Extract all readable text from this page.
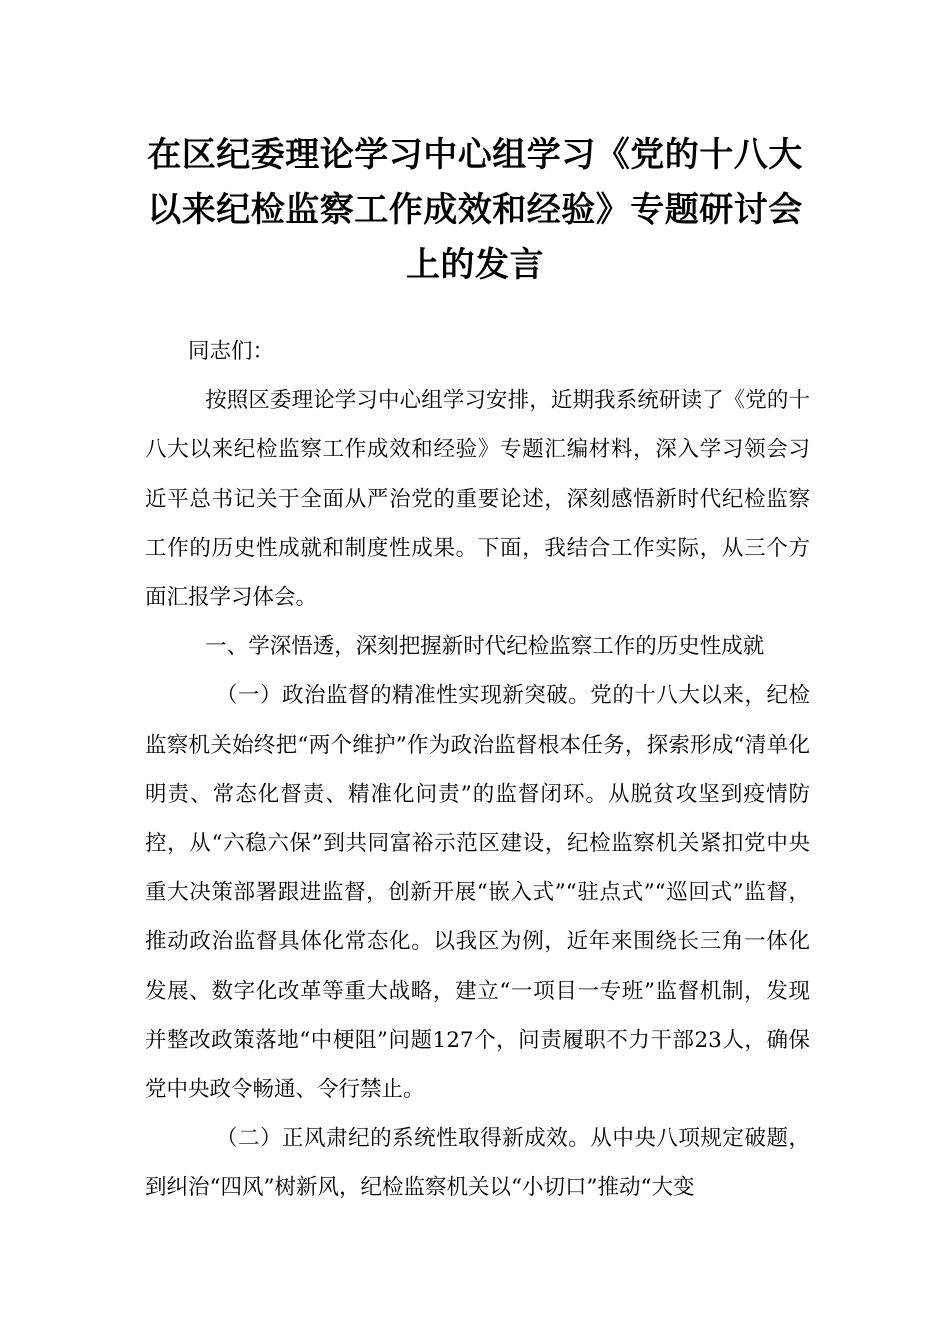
在区纪委理论学习中心组学习《党的十八大以来纪检监察工作成效和经验》专题研讨会上的发言

同志们：

按照区委理论学习中心组学习安排，近期我系统研读了《党的十八大以来纪检监察工作成效和经验》专题汇编材料，深入学习领会习近平总书记关于全面从严治党的重要论述，深刻感悟新时代纪检监察工作的历史性成就和制度性成果。下面，我结合工作实际，从三个方面汇报学习体会。

一、学深悟透，深刻把握新时代纪检监察工作的历史性成就

（一）政治监督的精准性实现新突破。党的十八大以来，纪检监察机关始终把“两个维护”作为政治监督根本任务，探索形成“清单化明责、常态化督责、精准化问责”的监督闭环。从脱贫攻坚到疫情防控，从“六稳六保”到共同富裕示范区建设，纪检监察机关紧扣党中央重大决策部署跟进监督，创新开展“嵌入式”“驻点式”“巡回式”监督，推动政治监督具体化常态化。以我区为例，近年来围绕长三角一体化发展、数字化改革等重大战略，建立“一项目一专班”监督机制，发现并整改政策落地“中梗阻”问题127个，问责履职不力干部23人，确保党中央政令畅通、令行禁止。

（二）正风肃纪的系统性取得新成效。从中央八项规定破题，到纠治“四风”树新风，纪检监察机关以“小切口”推动“大变
